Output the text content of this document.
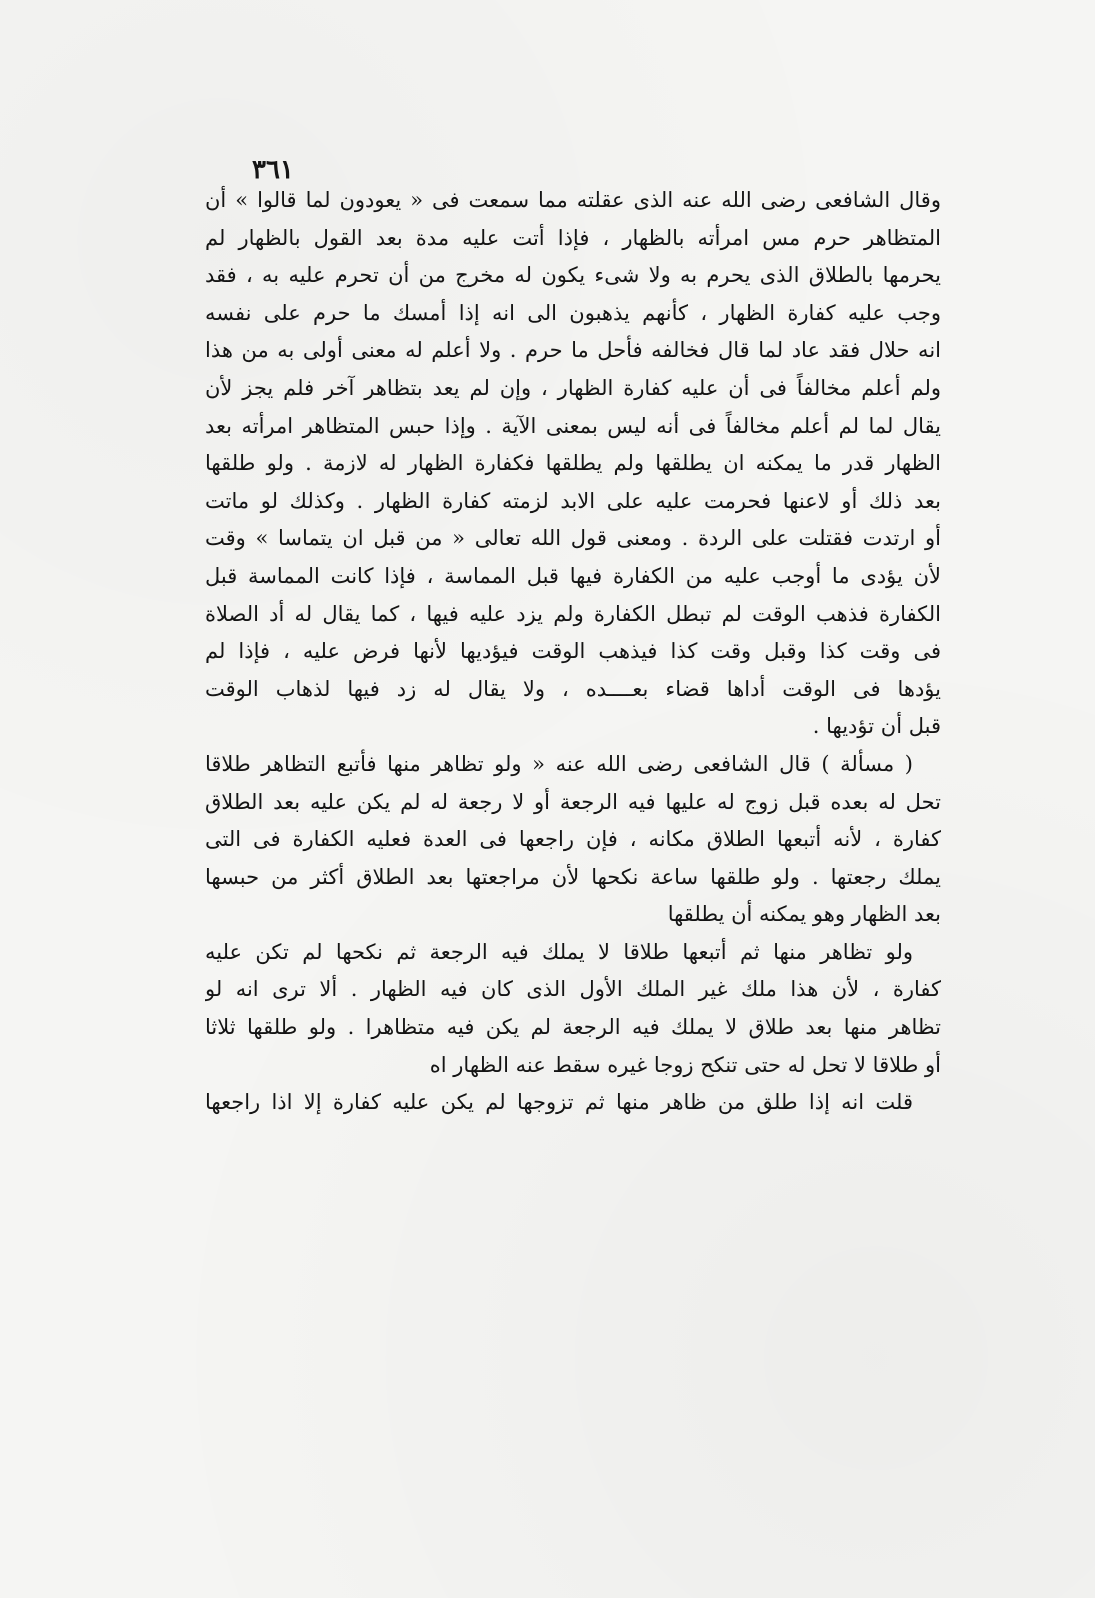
٣٦١
وقال الشافعى رضى الله عنه الذى عقلته مما سمعت فى « يعودون لما قالوا » أن
المتظاهر حرم مس امرأته بالظهار ، فإذا أتت عليه مدة بعد القول بالظهار لم
يحرمها بالطلاق الذى يحرم به ولا شىء يكون له مخرج من أن تحرم عليه به ، فقد
وجب عليه كفارة الظهار ، كأنهم يذهبون الى انه إذا أمسك ما حرم على نفسه
انه حلال فقد عاد لما قال فخالفه فأحل ما حرم . ولا أعلم له معنى أولى به من هذا
ولم أعلم مخالفاً فى أن عليه كفارة الظهار ، وإن لم يعد بتظاهر آخر فلم يجز لأن
يقال لما لم أعلم مخالفاً فى أنه ليس بمعنى الآية . وإذا حبس المتظاهر امرأته بعد
الظهار قدر ما يمكنه ان يطلقها ولم يطلقها فكفارة الظهار له لازمة . ولو طلقها
بعد ذلك أو لاعنها فحرمت عليه على الابد لزمته كفارة الظهار . وكذلك لو ماتت
أو ارتدت فقتلت على الردة . ومعنى قول الله تعالى « من قبل ان يتماسا » وقت
لأن يؤدى ما أوجب عليه من الكفارة فيها قبل المماسة ، فإذا كانت المماسة قبل
الكفارة فذهب الوقت لم تبطل الكفارة ولم يزد عليه فيها ، كما يقال له أد الصلاة
فى وقت كذا وقبل وقت كذا فيذهب الوقت فيؤديها لأنها فرض عليه ، فإذا لم
يؤدها فى الوقت أداها قضاء بعــــده ، ولا يقال له زد فيها لذهاب الوقت
قبل أن تؤديها .
( مسألة ) قال الشافعى رضى الله عنه « ولو تظاهر منها فأتبع التظاهر طلاقا
تحل له بعده قبل زوج له عليها فيه الرجعة أو لا رجعة له لم يكن عليه بعد الطلاق
كفارة ، لأنه أتبعها الطلاق مكانه ، فإن راجعها فى العدة فعليه الكفارة فى التى
يملك رجعتها . ولو طلقها ساعة نكحها لأن مراجعتها بعد الطلاق أكثر من حبسها
بعد الظهار وهو يمكنه أن يطلقها
ولو تظاهر منها ثم أتبعها طلاقا لا يملك فيه الرجعة ثم نكحها لم تكن عليه
كفارة ، لأن هذا ملك غير الملك الأول الذى كان فيه الظهار . ألا ترى انه لو
تظاهر منها بعد طلاق لا يملك فيه الرجعة لم يكن فيه متظاهرا . ولو طلقها ثلاثا
أو طلاقا لا تحل له حتى تنكح زوجا غيره سقط عنه الظهار اه
قلت انه إذا طلق من ظاهر منها ثم تزوجها لم يكن عليه كفارة إلا اذا راجعها
